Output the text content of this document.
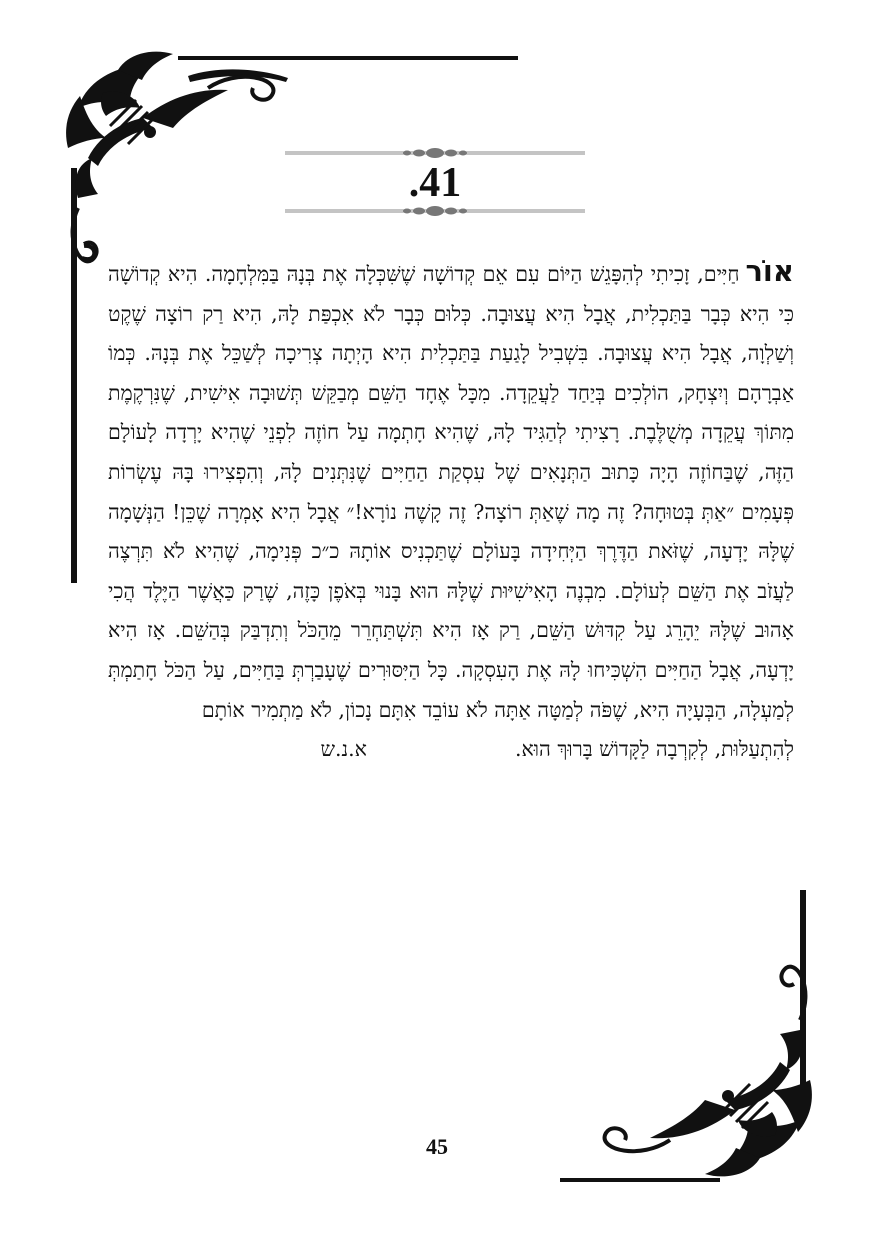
.41

אוֹרחַיִּים, זָכִיתִי לְהִפָּגֵשׁ הַיּוֹם עִם אֵם קְדוֹשָׁה שֶׁשִּׁכְּלָה אֶת בְּנָהּ בַּמִּלְחָמָה. הִיא קְדוֹשָׁה כִּי הִיא כְּבָר בַּתַּכְלִית, אֲבָל הִיא עֲצוּבָה. כְּלוּם כְּבָר לֹא אִכְפַּת לָהּ, הִיא רַק רוֹצָה שֶׁקֶט וְשַׁלְוָה, אֲבָל הִיא עֲצוּבָה. בִּשְׁבִיל לָגַעַת בַּתַּכְלִית הִיא הָיְתָה צְרִיכָה לְשַׁכֵּל אֶת בְּנָהּ. כְּמוֹ אַבְרָהָם וְיִצְחָק, הוֹלְכִים בְּיַחַד לַעֲקֵדָה. מִכָּל אֶחָד הַשֵּׁם מְבַקֵּשׁ תְּשׁוּבָה אִישִׁית, שֶׁנִּרְקֶמֶת מִתּוֹךְ עֲקֵדָה מְשֻׁלֶּבֶת. רָצִיתִי לְהַגִּיד לָהּ, שֶׁהִיא חָתְמָה עַל חוֹזֶה לִפְנֵי שֶׁהִיא יָרְדָה לָעוֹלָם הַזֶּה, שֶׁבַּחוֹזֶה הָיָה כָּתוּב הַתְּנָאִים שֶׁל עִסְקַת הַחַיִּים שֶׁנִּתְּנִים לָהּ, וְהִפְצִירוּ בָּהּ עֶשְׂרוֹת פְּעָמִים ״אַתְּ בְּטוּחָה? זֶה מָה שֶׁאַתְּ רוֹצָה? זֶה קָשֶׁה נוֹרָא!״ אֲבָל הִיא אָמְרָה שֶׁכֵּן! הַנְּשָׁמָה שֶׁלָּהּ יָדְעָה, שֶׁזֹּאת הַדֶּרֶךְ הַיְּחִידָה בָּעוֹלָם שֶׁתַּכְנִיס אוֹתָהּ כ״כ פְּנִימָה, שֶׁהִיא לֹא תִּרְצֶה לַעֲזֹב אֶת הַשֵּׁם לְעוֹלָם. מִבְנֶה הָאִישִׁיּוּת שֶׁלָּהּ הוּא בָּנוּי בְּאֹפֶן כָּזֶה, שֶׁרַק כַּאֲשֶׁר הַיֶּלֶד הֲכִי אָהוּב שֶׁלָּהּ יֵהָרֵג עַל קִדּוּשׁ הַשֵּׁם, רַק אָז הִיא תִּשְׁתַּחְרֵר מֵהַכֹּל וְתִדְבַּק בְּהַשֵּׁם. אָז הִיא יָדְעָה, אֲבָל הַחַיִּים הִשְׁכִּיחוּ לָהּ אֶת הָעִסְקָה. כָּל הַיִּסּוּרִים שֶׁעָבַרְתְּ בַּחַיִּים, עַל הַכֹּל חָתַמְתְּ לְמַעְלָה, הַבְּעָיָה הִיא, שֶׁפֹּה לְמַטָּה אַתָּה לֹא עוֹבֵד אִתָּם נָכוֹן, לֹא מַתְמִיר אוֹתָם
לְהִתְעַלּוּת, לְקִרְבָה לַקָּדוֹשׁ בָּרוּךְ הוּא.א.נ.ש

45
